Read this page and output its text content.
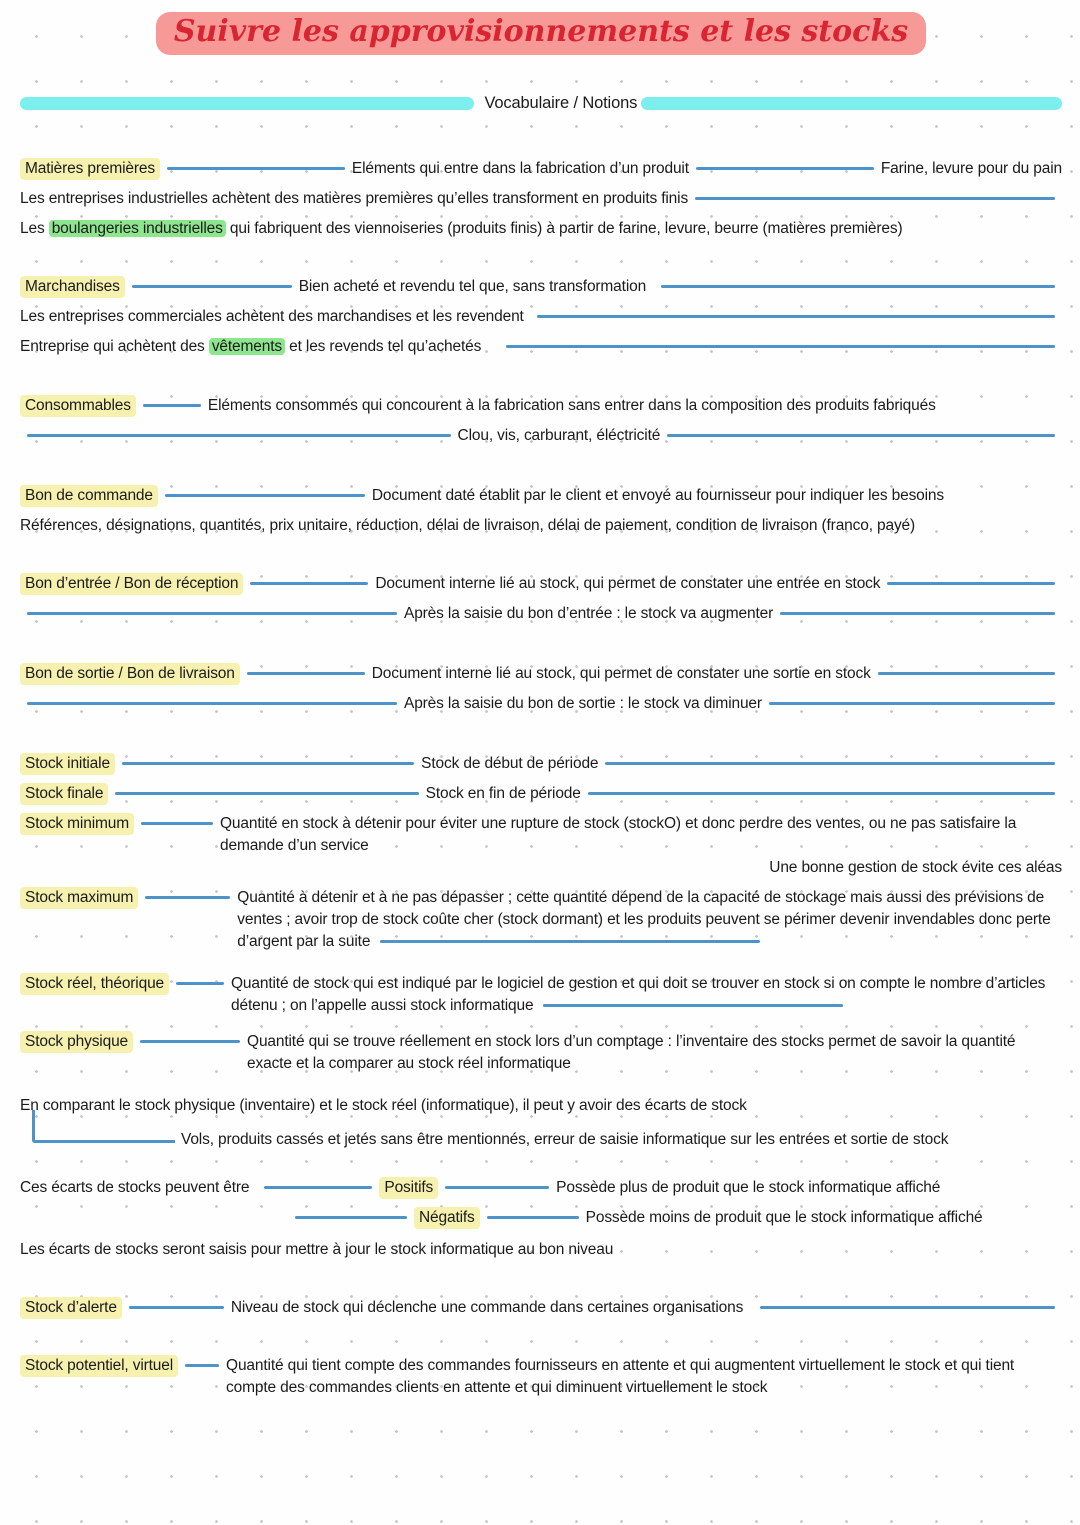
Suivre les approvisionnements et les stocks
Vocabulaire / Notions
Matières premières	Eléments qui entre dans la fabrication d’un produit	Farine, levure pour du pain
Les entreprises industrielles achètent des matières premières qu’elles transforment en produits finis
Les boulangeries industrielles qui fabriquent des viennoiseries (produits finis) à partir de farine, levure, beurre (matières premières)
Marchandises	Bien acheté et revendu tel que, sans transformation
Les entreprises commerciales achètent des marchandises et les revendent
Entreprise qui achètent des vêtements et les revends tel qu’achetés
Consommables	Eléments consommés qui concourent à la fabrication sans entrer dans la composition des produits fabriqués
Clou, vis, carburant, éléctricité
Bon de commande	Document daté établit par le client et envoyé au fournisseur pour indiquer les besoins
Références, désignations, quantités, prix unitaire, réduction, délai de livraison, délai de paiement, condition de livraison (franco, payé)
Bon d’entrée / Bon de réception	Document interne lié au stock, qui permet de constater une entrée en stock
Après la saisie du bon d’entrée : le stock va augmenter
Bon de sortie / Bon de livraison	Document interne lié au stock, qui permet de constater une sortie en stock
Après la saisie du bon de sortie : le stock va diminuer
Stock initiale	Stock de début de période
Stock finale	Stock en fin de période
Stock minimum	Quantité en stock à détenir pour éviter une rupture de stock (stockO) et donc perdre des ventes, ou ne pas satisfaire la demande d’un service
Une bonne gestion de stock évite ces aléas
Stock maximum	Quantité à détenir et à ne pas dépasser ; cette quantité dépend de la capacité de stockage mais aussi des prévisions de ventes ; avoir trop de stock coûte cher (stock dormant) et les produits peuvent se périmer devenir invendables donc perte d’argent par la suite
Stock réel, théorique	Quantité de stock qui est indiqué par le logiciel de gestion et qui doit se trouver en stock si on compte le nombre d’articles détenu ; on l’appelle aussi stock informatique
Stock physique	Quantité qui se trouve réellement en stock lors d’un comptage : l’inventaire des stocks permet de savoir la quantité exacte et la comparer au stock réel informatique
En comparant le stock physique (inventaire) et le stock réel (informatique), il peut y avoir des écarts de stock
Vols, produits cassés et jetés sans être mentionnés, erreur de saisie informatique sur les entrées et sortie de stock
Ces écarts de stocks peuvent être	Positifs	Possède plus de produit que le stock informatique affiché
Négatifs	Possède moins de produit que le stock informatique affiché
Les écarts de stocks seront saisis pour mettre à jour le stock informatique au bon niveau
Stock d’alerte	Niveau de stock qui déclenche une commande dans certaines organisations
Stock potentiel, virtuel	Quantité qui tient compte des commandes fournisseurs en attente et qui augmentent virtuellement le stock et qui tient compte des commandes clients en attente et qui diminuent virtuellement le stock
